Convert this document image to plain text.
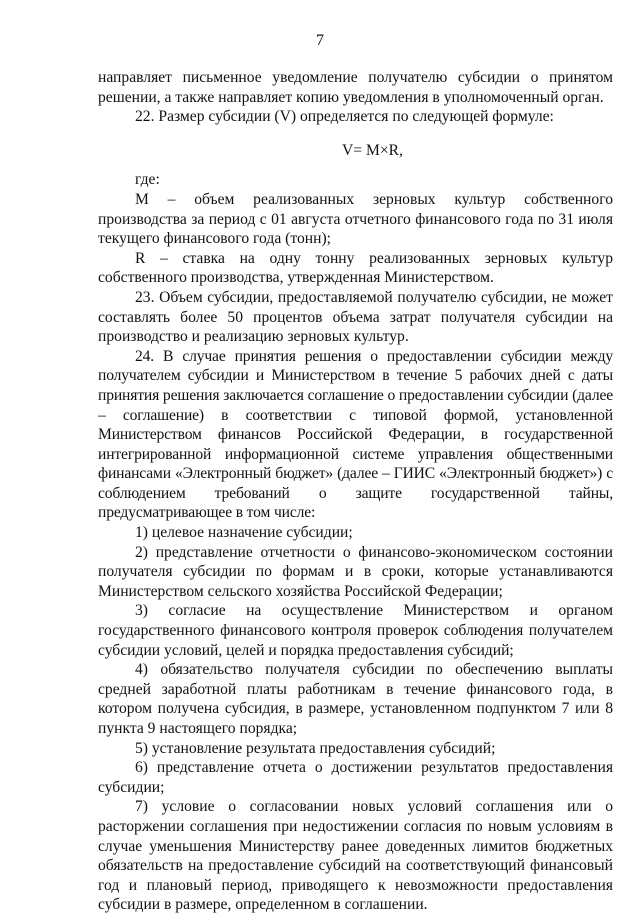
7

направляет письменное уведомление получателю субсидии о принятом решении, а также направляет копию уведомления в уполномоченный орган.

22. Размер субсидии (V) определяется по следующей формуле:

V= M×R,
где:

М – объем реализованных зерновых культур собственного производства за период с 01 августа отчетного финансового года по 31 июля текущего финансового года (тонн);

R – ставка на одну тонну реализованных зерновых культур собственного производства, утвержденная Министерством.

23. Объем субсидии, предоставляемой получателю субсидии, не может составлять более 50 процентов объема затрат получателя субсидии на производство и реализацию зерновых культур.

24. В случае принятия решения о предоставлении субсидии между получателем субсидии и Министерством в течение 5 рабочих дней с даты принятия решения заключается соглашение о предоставлении субсидии (далее – соглашение) в соответствии с типовой формой, установленной Министерством финансов Российской Федерации, в государственной интегрированной информационной системе управления общественными финансами «Электронный бюджет» (далее – ГИИС «Электронный бюджет») с соблюдением требований о защите государственной тайны, предусматривающее в том числе:

1) целевое назначение субсидии;

2) представление отчетности о финансово-экономическом состоянии получателя субсидии по формам и в сроки, которые устанавливаются Министерством сельского хозяйства Российской Федерации;

3) согласие на осуществление Министерством и органом государственного финансового контроля проверок соблюдения получателем субсидии условий, целей и порядка предоставления субсидий;

4) обязательство получателя субсидии по обеспечению выплаты средней заработной платы работникам в течение финансового года, в котором получена субсидия, в размере, установленном подпунктом 7 или 8 пункта 9 настоящего порядка;

5) установление результата предоставления субсидий;

6) представление отчета о достижении результатов предоставления субсидии;

7) условие о согласовании новых условий соглашения или о расторжении соглашения при недостижении согласия по новым условиям в случае уменьшения Министерству ранее доведенных лимитов бюджетных обязательств на предоставление субсидий на соответствующий финансовый год и плановый период, приводящего к невозможности предоставления субсидии в размере, определенном в соглашении.
